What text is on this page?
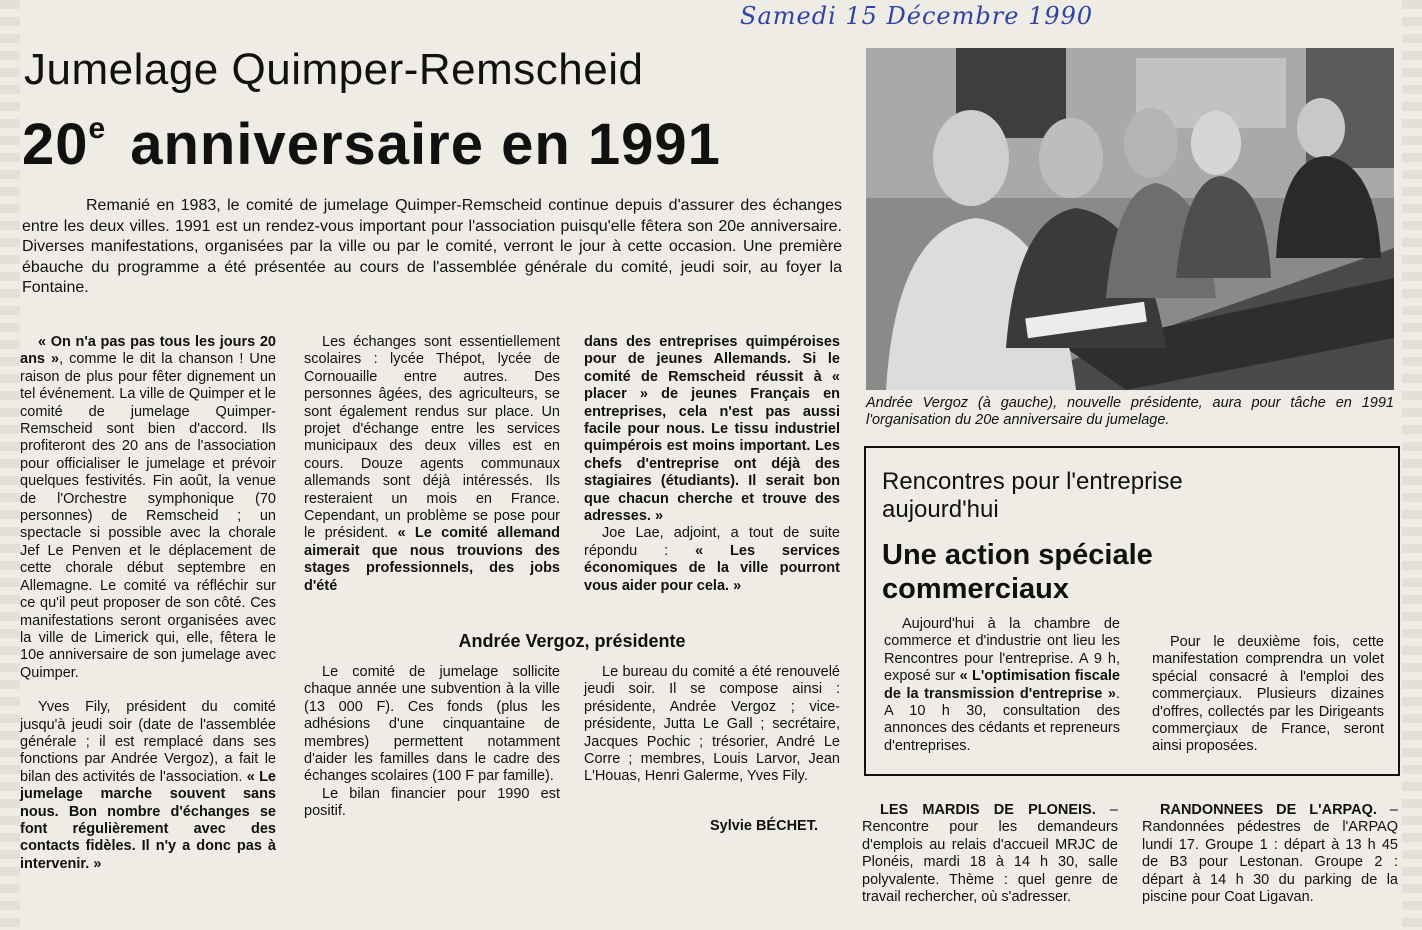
Samedi 15 Décembre 1990
Jumelage Quimper-Remscheid
20e anniversaire en 1991
Remanié en 1983, le comité de jumelage Quimper-Remscheid continue depuis d'assurer des échanges entre les deux villes. 1991 est un rendez-vous important pour l'association puisqu'elle fêtera son 20e anniversaire. Diverses manifestations, organisées par la ville ou par le comité, verront le jour à cette occasion. Une première ébauche du programme a été présentée au cours de l'assemblée générale du comité, jeudi soir, au foyer la Fontaine.

« On n'a pas pas tous les jours 20 ans », comme le dit la chanson ! Une raison de plus pour fêter dignement un tel événement. La ville de Quimper et le comité de jumelage Quimper-Remscheid sont bien d'accord. Ils profiteront des 20 ans de l'association pour officialiser le jumelage et prévoir quelques festivités. Fin août, la venue de l'Orchestre symphonique (70 personnes) de Remscheid ; un spectacle si possible avec la chorale Jef Le Penven et le déplacement de cette chorale début septembre en Allemagne. Le comité va réfléchir sur ce qu'il peut proposer de son côté. Ces manifestations seront organisées avec la ville de Limerick qui, elle, fêtera le 10e anniversaire de son jumelage avec Quimper.

Yves Fily, président du comité jusqu'à jeudi soir (date de l'assemblée générale ; il est remplacé dans ses fonctions par Andrée Vergoz), a fait le bilan des activités de l'association. « Le jumelage marche souvent sans nous. Bon nombre d'échanges se font régulièrement avec des contacts fidèles. Il n'y a donc pas à intervenir. »

Les échanges sont essentiellement scolaires : lycée Thépot, lycée de Cornouaille entre autres. Des personnes âgées, des agriculteurs, se sont également rendus sur place. Un projet d'échange entre les services municipaux des deux villes est en cours. Douze agents communaux allemands sont déjà intéressés. Ils resteraient un mois en France. Cependant, un problème se pose pour le président. « Le comité allemand aimerait que nous trouvions des stages professionnels, des jobs d'été

dans des entreprises quimpéroises pour de jeunes Allemands. Si le comité de Remscheid réussit à « placer » de jeunes Français en entreprises, cela n'est pas aussi facile pour nous. Le tissu industriel quimpérois est moins important. Les chefs d'entreprise ont déjà des stagiaires (étudiants). Il serait bon que chacun cherche et trouve des adresses. »

Joe Lae, adjoint, a tout de suite répondu : « Les services économiques de la ville pourront vous aider pour cela. »

Andrée Vergoz, présidente

Le comité de jumelage sollicite chaque année une subvention à la ville (13 000 F). Ces fonds (plus les adhésions d'une cinquantaine de membres) permettent notamment d'aider les familles dans le cadre des échanges scolaires (100 F par famille).

Le bilan financier pour 1990 est positif.

Le bureau du comité a été renouvelé jeudi soir. Il se compose ainsi : présidente, Andrée Vergoz ; vice-présidente, Jutta Le Gall ; secrétaire, Jacques Pochic ; trésorier, André Le Corre ; membres, Louis Larvor, Jean L'Houas, Henri Galerme, Yves Fily.

Sylvie BÉCHET.
Andrée Vergoz (à gauche), nouvelle présidente, aura pour tâche en 1991 l'organisation du 20e anniversaire du jumelage.
Rencontres pour l'entreprise aujourd'hui
Une action spéciale commerciaux

Aujourd'hui à la chambre de commerce et d'industrie ont lieu les Rencontres pour l'entreprise. A 9 h, exposé sur « L'optimisation fiscale de la transmission d'entreprise ». A 10 h 30, consultation des annonces des cédants et repreneurs d'entreprises.

Pour le deuxième fois, cette manifestation comprendra un volet spécial consacré à l'emploi des commerçiaux. Plusieurs dizaines d'offres, collectés par les Dirigeants commerçiaux de France, seront ainsi proposées.

LES MARDIS DE PLONEIS. – Rencontre pour les demandeurs d'emplois au relais d'accueil MRJC de Plonéis, mardi 18 à 14 h 30, salle polyvalente. Thème : quel genre de travail rechercher, où s'adresser.

RANDONNEES DE L'ARPAQ. – Randonnées pédestres de l'ARPAQ lundi 17. Groupe 1 : départ à 13 h 45 de B3 pour Lestonan. Groupe 2 : départ à 14 h 30 du parking de la piscine pour Coat Ligavan.
